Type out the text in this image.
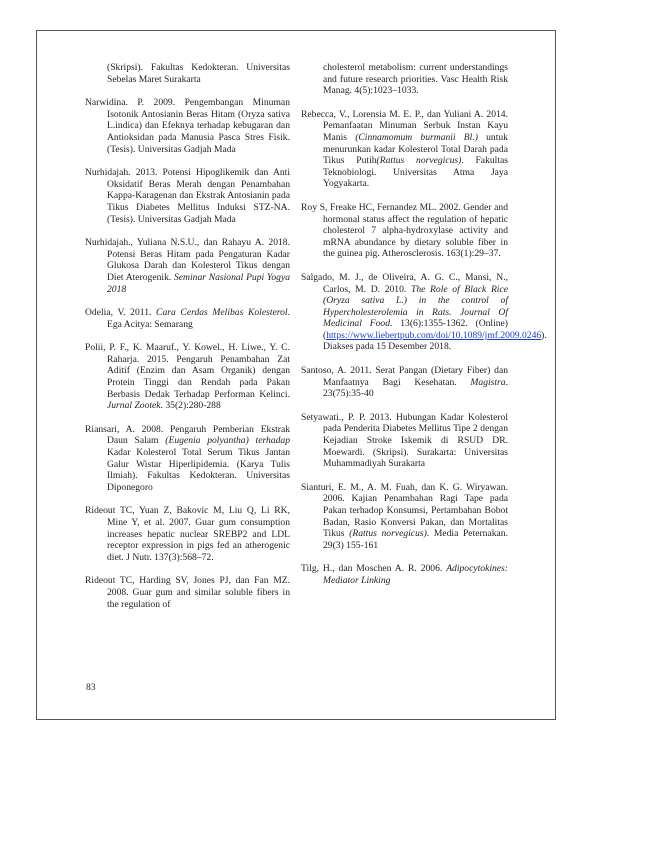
(Skripsi). Fakultas Kedokteran. Universitas Sebelas Maret Surakarta
Narwidina. P. 2009. Pengembangan Minuman Isotonik Antosianin Beras Hitam (Oryza sativa L.indica) dan Efeknya terhadap kebugaran dan Antioksidan pada Manusia Pasca Stres Fisik. (Tesis). Universitas Gadjah Mada
Nurhidajah. 2013. Potensi Hipoglikemik dan Anti Oksidatif Beras Merah dengan Penambahan Kappa-Karagenan dan Ekstrak Antosianin pada Tikus Diabetes Mellitus Induksi STZ-NA. (Tesis). Universitas Gadjah Mada
Nurhidajah., Yuliana N.S.U., dan Rahayu A. 2018. Potensi Beras Hitam pada Pengaturan Kadar Glukosa Darah dan Kolesterol Tikus dengan Diet Aterogenik. Seminar Nasional Pupi Yogya 2018
Odelia, V. 2011. Cara Cerdas Melibas Kolesterol. Ega Acitya: Semarang
Polii, P. F., K. Maaruf., Y. Kowel., H. Liwe., Y. C. Raharja. 2015. Pengaruh Penambahan Zat Aditif (Enzim dan Asam Organik) dengan Protein Tinggi dan Rendah pada Pakan Berbasis Dedak Terhadap Performan Kelinci. Jurnal Zootek. 35(2):280-288
Riansari, A. 2008. Pengaruh Pemberian Ekstrak Daun Salam (Eugenia polyantha) terhadap Kadar Kolesterol Total Serum Tikus Jantan Galur Wistar Hiperlipidemia. (Karya Tulis Ilmiah). Fakultas Kedokteran. Universitas Diponegoro
Rideout TC, Yuan Z, Bakovic M, Liu Q, Li RK, Mine Y, et al. 2007. Guar gum consumption increases hepatic nuclear SREBP2 and LDL receptor expression in pigs fed an atherogenic diet. J Nutr. 137(3):568–72.
Rideout TC, Harding SV, Jones PJ, dan Fan MZ. 2008. Guar gum and similar soluble fibers in the regulation of
cholesterol metabolism: current understandings and future research priorities. Vasc Health Risk Manag. 4(5):1023–1033.
Rebecca, V., Lorensia M. E. P., dan Yuliani A. 2014. Pemanfaatan Minuman Serbuk Instan Kayu Manis (Cinnamomum burmanii Bl.) untuk menurunkan kadar Kolesterol Total Darah pada Tikus Putih(Rattus norvegicus). Fakultas Teknobiologi. Universitas Atma Jaya Yogyakarta.
Roy S, Freake HC, Fernandez ML. 2002. Gender and hormonal status affect the regulation of hepatic cholesterol 7 alpha-hydroxylase activity and mRNA abundance by dietary soluble fiber in the guinea pig. Atherosclerosis. 163(1):29–37.
Salgado, M. J., de Oliveira, A. G. C., Mansi, N., Carlos, M. D. 2010. The Role of Black Rice (Oryza sativa L.) in the control of Hypercholesterolemia in Rats. Journal Of Medicinal Food. 13(6):1355-1362. (Online) (https://www.liebertpub.com/doi/10.1089/jmf.2009.0246). Diakses pada 15 Desember 2018.
Santoso, A. 2011. Serat Pangan (Dietary Fiber) dan Manfaatnya Bagi Kesehatan. Magistra. 23(75):35-40
Setyawati., P. P. 2013. Hubungan Kadar Kolesterol pada Penderita Diabetes Mellitus Tipe 2 dengan Kejadian Stroke Iskemik di RSUD DR. Moewardi. (Skripsi). Surakarta: Universitas Muhammadiyah Surakarta
Sianturi, E. M., A. M. Fuah, dan K. G. Wiryawan. 2006. Kajian Penambahan Ragi Tape pada Pakan terhadop Konsumsi, Pertambahan Bobot Badan, Rasio Konversi Pakan, dan Mortalitas Tikus (Rattus norvegicus). Media Peternakan. 29(3) 155-161
Tilg, H., dan Moschen A. R. 2006. Adipocytokines: Mediator Linking
83
